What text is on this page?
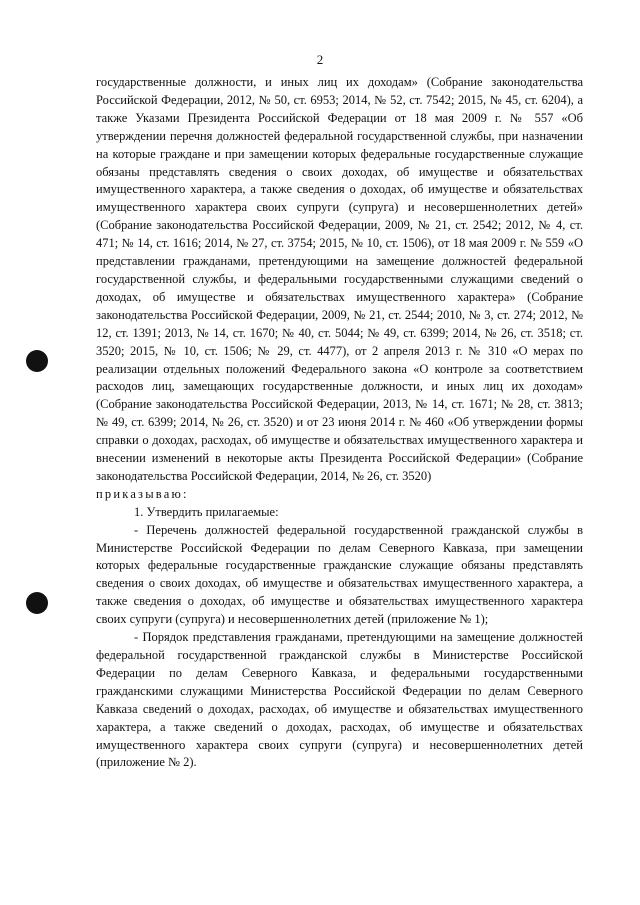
2

государственные должности, и иных лиц их доходам» (Собрание законодательства Российской Федерации, 2012, № 50, ст. 6953; 2014, № 52, ст. 7542; 2015, № 45, ст. 6204), а также Указами Президента Российской Федерации от 18 мая 2009 г. № 557 «Об утверждении перечня должностей федеральной государственной службы, при назначении на которые граждане и при замещении которых федеральные государственные служащие обязаны представлять сведения о своих доходах, об имуществе и обязательствах имущественного характера, а также сведения о доходах, об имуществе и обязательствах имущественного характера своих супруги (супруга) и несовершеннолетних детей» (Собрание законодательства Российской Федерации, 2009, № 21, ст. 2542; 2012, № 4, ст. 471; № 14, ст. 1616; 2014, № 27, ст. 3754; 2015, № 10, ст. 1506), от 18 мая 2009 г. № 559 «О представлении гражданами, претендующими на замещение должностей федеральной государственной службы, и федеральными государственными служащими сведений о доходах, об имуществе и обязательствах имущественного характера» (Собрание законодательства Российской Федерации, 2009, № 21, ст. 2544; 2010, № 3, ст. 274; 2012, № 12, ст. 1391; 2013, № 14, ст. 1670; № 40, ст. 5044; № 49, ст. 6399; 2014, № 26, ст. 3518; ст. 3520; 2015, № 10, ст. 1506; № 29, ст. 4477), от 2 апреля 2013 г. № 310 «О мерах по реализации отдельных положений Федерального закона «О контроле за соответствием расходов лиц, замещающих государственные должности, и иных лиц их доходам» (Собрание законодательства Российской Федерации, 2013, № 14, ст. 1671; № 28, ст. 3813; № 49, ст. 6399; 2014, № 26, ст. 3520) и от 23 июня 2014 г. № 460 «Об утверждении формы справки о доходах, расходах, об имуществе и обязательствах имущественного характера и внесении изменений в некоторые акты Президента Российской Федерации» (Собрание законодательства Российской Федерации, 2014, № 26, ст. 3520)

приказываю:

1. Утвердить прилагаемые:

- Перечень должностей федеральной государственной гражданской службы в Министерстве Российской Федерации по делам Северного Кавказа, при замещении которых федеральные государственные гражданские служащие обязаны представлять сведения о своих доходах, об имуществе и обязательствах имущественного характера, а также сведения о доходах, об имуществе и обязательствах имущественного характера своих супруги (супруга) и несовершеннолетних детей (приложение № 1);

- Порядок представления гражданами, претендующими на замещение должностей федеральной государственной гражданской службы в Министерстве Российской Федерации по делам Северного Кавказа, и федеральными государственными гражданскими служащими Министерства Российской Федерации по делам Северного Кавказа сведений о доходах, расходах, об имуществе и обязательствах имущественного характера, а также сведений о доходах, расходах, об имуществе и обязательствах имущественного характера своих супруги (супруга) и несовершеннолетних детей (приложение № 2).
